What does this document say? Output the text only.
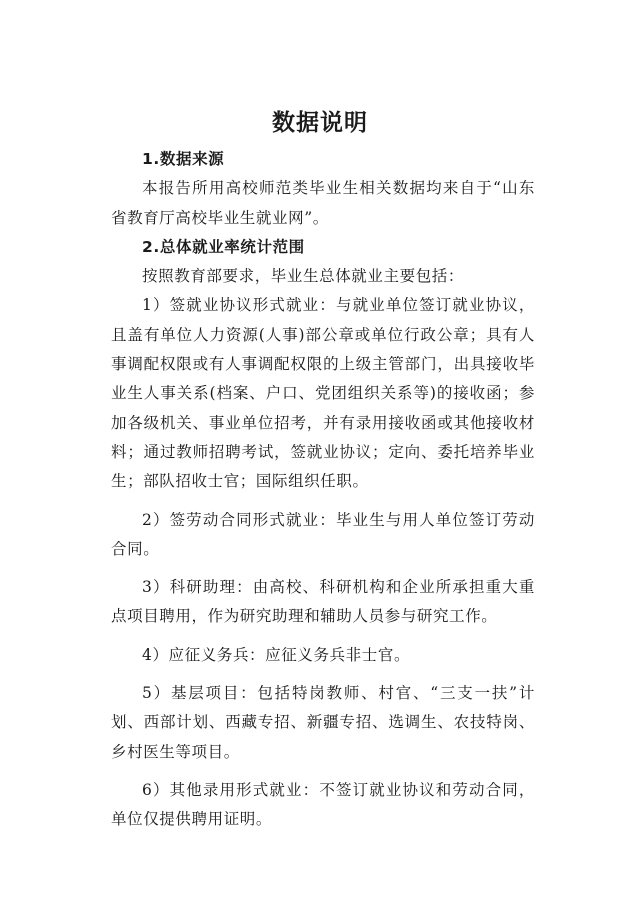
数据说明

1.数据来源

本报告所用高校师范类毕业生相关数据均来自于“山东省教育厅高校毕业生就业网”。

2.总体就业率统计范围

按照教育部要求，毕业生总体就业主要包括：

1）签就业协议形式就业：与就业单位签订就业协议，且盖有单位人力资源(人事)部公章或单位行政公章；具有人事调配权限或有人事调配权限的上级主管部门，出具接收毕业生人事关系(档案、户口、党团组织关系等)的接收函；参加各级机关、事业单位招考，并有录用接收函或其他接收材料；通过教师招聘考试，签就业协议；定向、委托培养毕业生；部队招收士官；国际组织任职。

2）签劳动合同形式就业：毕业生与用人单位签订劳动合同。

3）科研助理：由高校、科研机构和企业所承担重大重点项目聘用，作为研究助理和辅助人员参与研究工作。

4）应征义务兵：应征义务兵非士官。

5）基层项目：包括特岗教师、村官、“三支一扶”计划、西部计划、西藏专招、新疆专招、选调生、农技特岗、乡村医生等项目。

6）其他录用形式就业：不签订就业协议和劳动合同，单位仅提供聘用证明。
